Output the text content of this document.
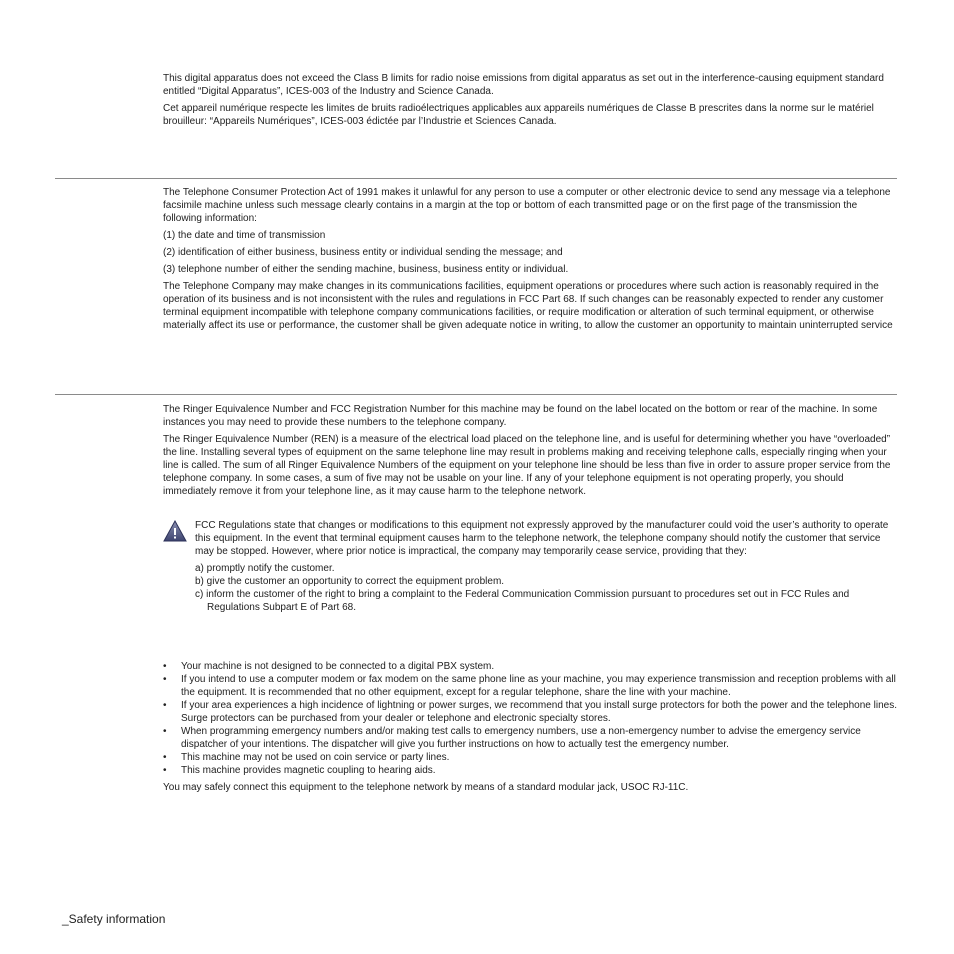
This digital apparatus does not exceed the Class B limits for radio noise emissions from digital apparatus as set out in the interference-causing equipment standard entitled “Digital Apparatus”, ICES-003 of the Industry and Science Canada.

Cet appareil numérique respecte les limites de bruits radioélectriques applicables aux appareils numériques de Classe B prescrites dans la norme sur le matériel brouilleur: “Appareils Numériques”, ICES-003 édictée par l’Industrie et Sciences Canada.

The Telephone Consumer Protection Act of 1991 makes it unlawful for any person to use a computer or other electronic device to send any message via a telephone facsimile machine unless such message clearly contains in a margin at the top or bottom of each transmitted page or on the first page of the transmission the following information:

(1) the date and time of transmission

(2) identification of either business, business entity or individual sending the message; and

(3) telephone number of either the sending machine, business, business entity or individual.

The Telephone Company may make changes in its communications facilities, equipment operations or procedures where such action is reasonably required in the operation of its business and is not inconsistent with the rules and regulations in FCC Part 68. If such changes can be reasonably expected to render any customer terminal equipment incompatible with telephone company communications facilities, or require modification or alteration of such terminal equipment, or otherwise materially affect its use or performance, the customer shall be given adequate notice in writing, to allow the customer an opportunity to maintain uninterrupted service

The Ringer Equivalence Number and FCC Registration Number for this machine may be found on the label located on the bottom or rear of the machine. In some instances you may need to provide these numbers to the telephone company.

The Ringer Equivalence Number (REN) is a measure of the electrical load placed on the telephone line, and is useful for determining whether you have “overloaded” the line. Installing several types of equipment on the same telephone line may result in problems making and receiving telephone calls, especially ringing when your line is called. The sum of all Ringer Equivalence Numbers of the equipment on your telephone line should be less than five in order to assure proper service from the telephone company. In some cases, a sum of five may not be usable on your line. If any of your telephone equipment is not operating properly, you should immediately remove it from your telephone line, as it may cause harm to the telephone network.

FCC Regulations state that changes or modifications to this equipment not expressly approved by the manufacturer could void the user’s authority to operate this equipment. In the event that terminal equipment causes harm to the telephone network, the telephone company should notify the customer that service may be stopped. However, where prior notice is impractical, the company may temporarily cease service, providing that they:

a) promptly notify the customer.
b) give the customer an opportunity to correct the equipment problem.
c) inform the customer of the right to bring a complaint to the Federal Communication Commission pursuant to procedures set out in FCC Rules and Regulations Subpart E of Part 68.
•	Your machine is not designed to be connected to a digital PBX system.
•	If you intend to use a computer modem or fax modem on the same phone line as your machine, you may experience transmission and reception problems with all the equipment. It is recommended that no other equipment, except for a regular telephone, share the line with your machine.
•	If your area experiences a high incidence of lightning or power surges, we recommend that you install surge protectors for both the power and the telephone lines. Surge protectors can be purchased from your dealer or telephone and electronic specialty stores.
•	When programming emergency numbers and/or making test calls to emergency numbers, use a non-emergency number to advise the emergency service dispatcher of your intentions. The dispatcher will give you further instructions on how to actually test the emergency number.
•	This machine may not be used on coin service or party lines.
•	This machine provides magnetic coupling to hearing aids.

You may safely connect this equipment to the telephone network by means of a standard modular jack, USOC RJ-11C.

_Safety information
